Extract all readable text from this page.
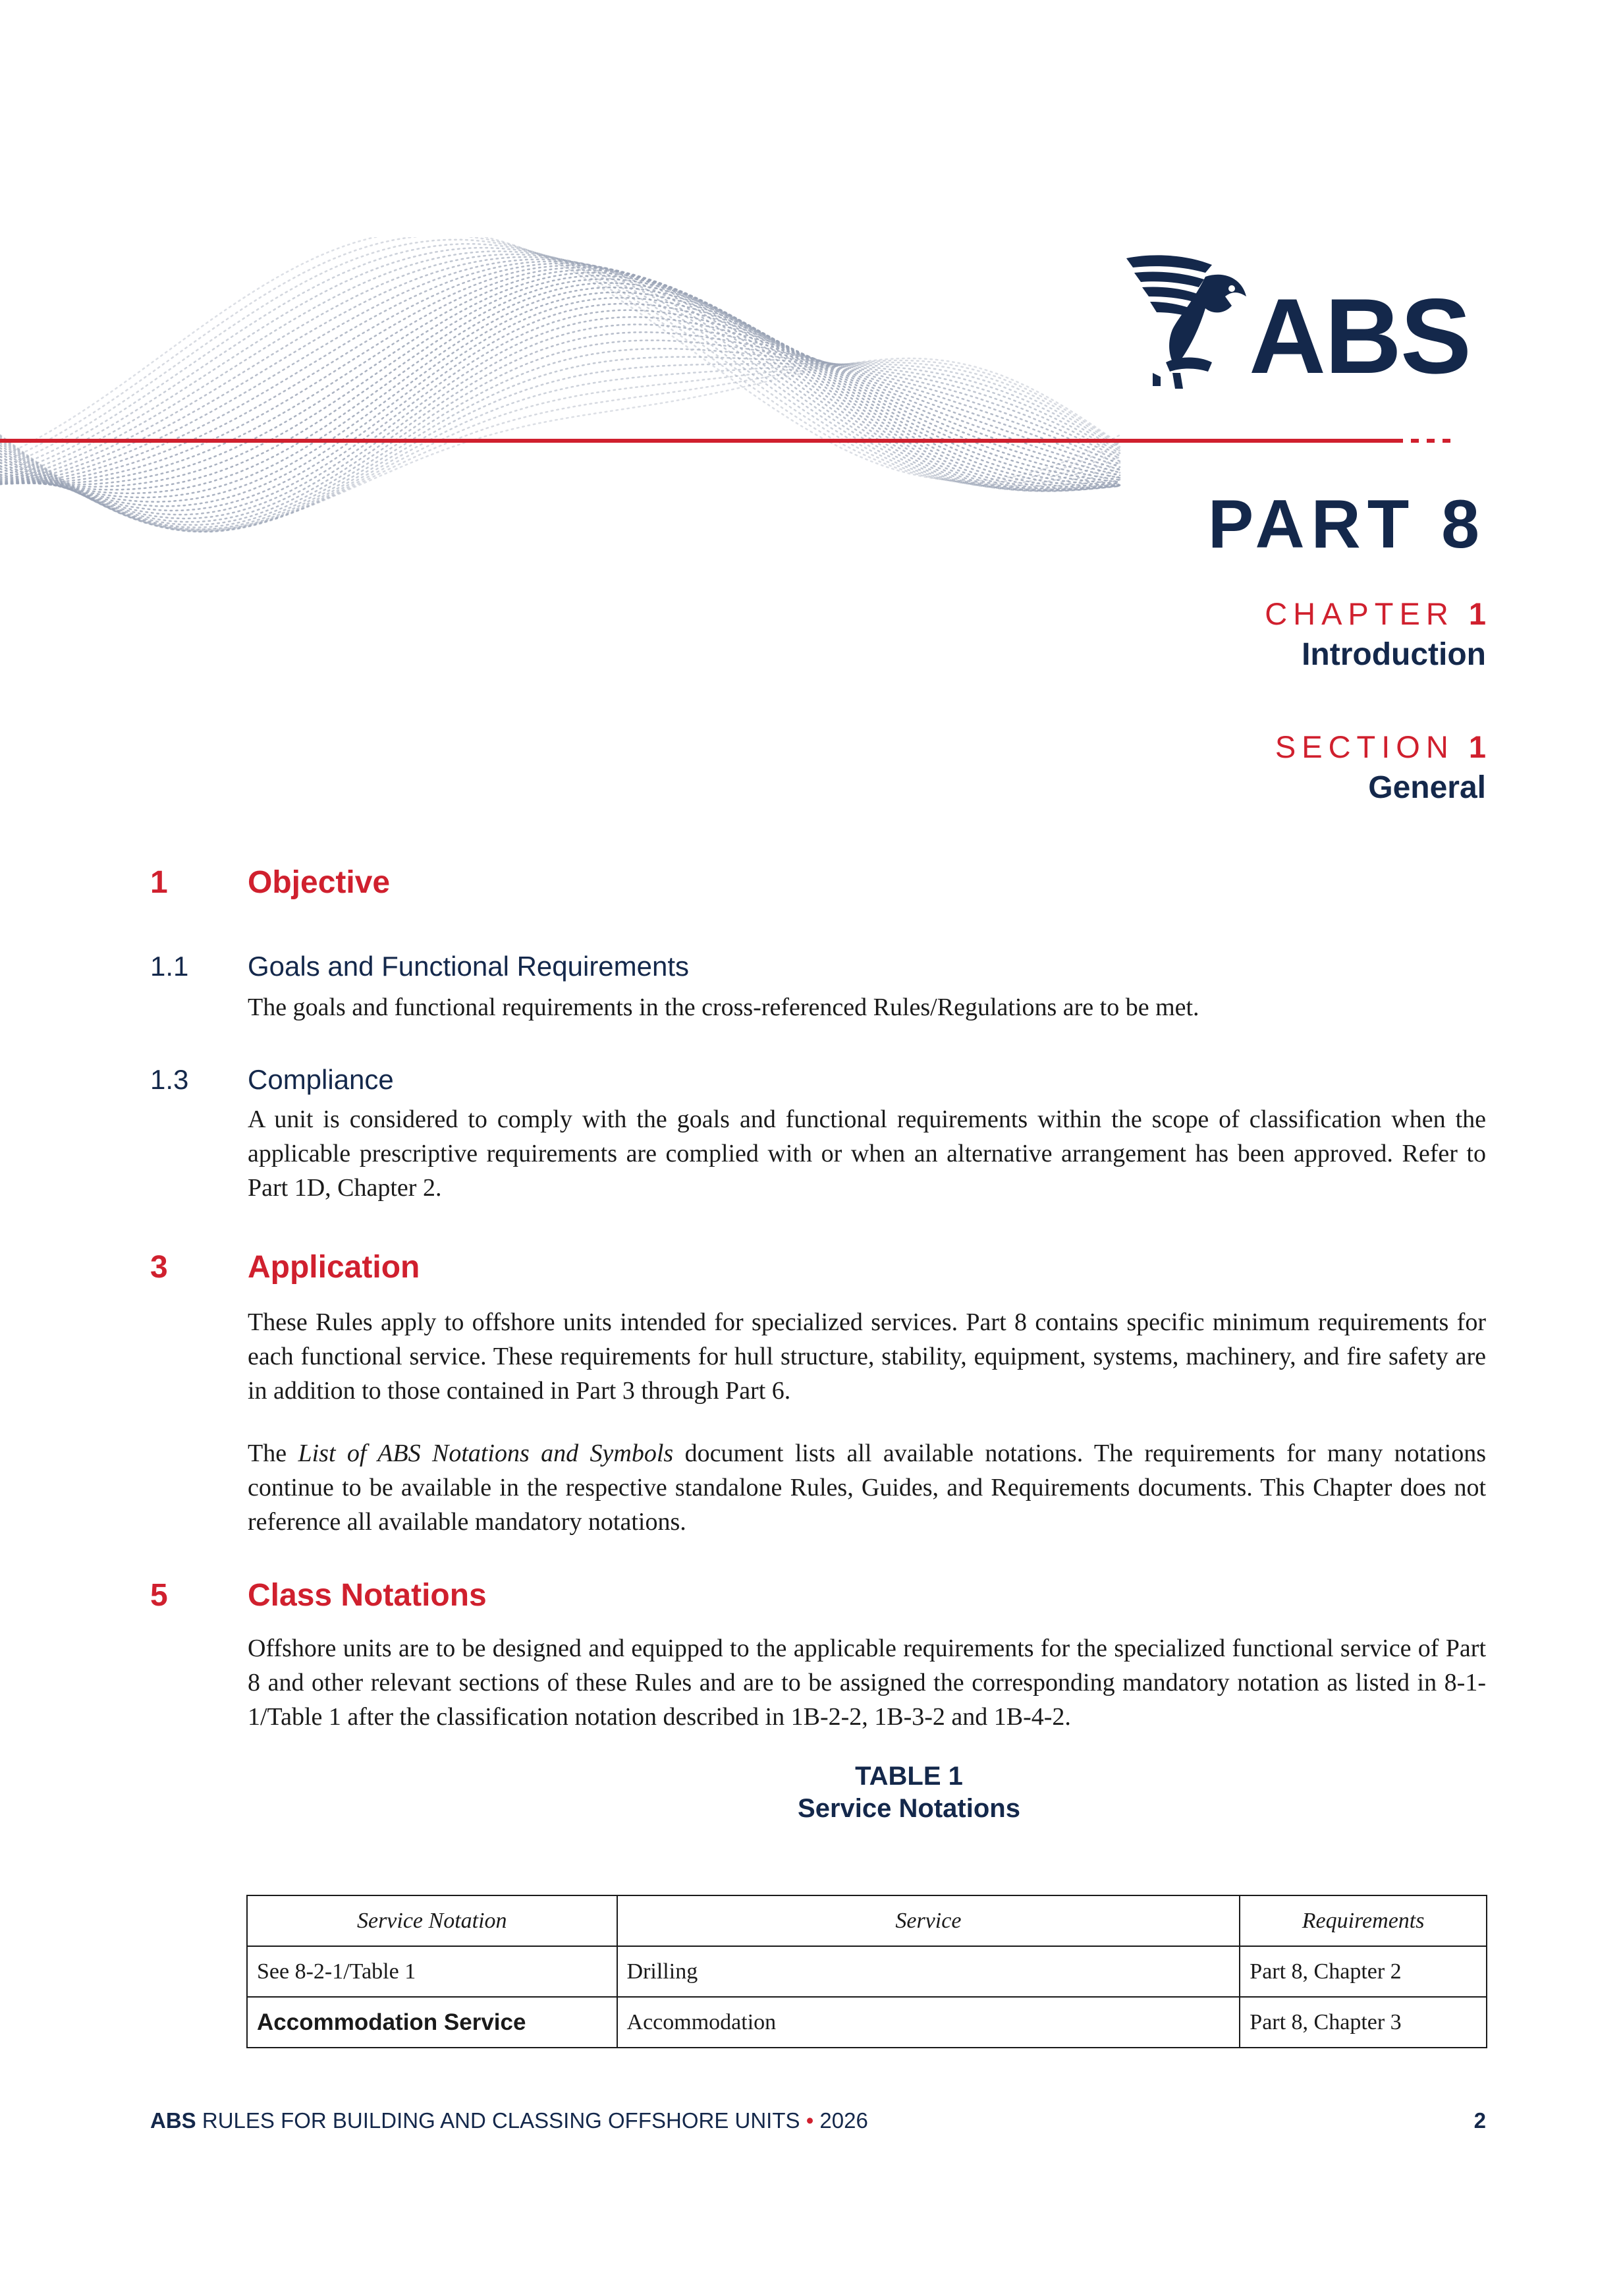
ABS
PART 8
CHAPTER 1
Introduction
SECTION 1
General
1	Objective
1.1 Goals and Functional Requirements
The goals and functional requirements in the cross-referenced Rules/Regulations are to be met.
1.3 Compliance
A unit is considered to comply with the goals and functional requirements within the scope of classification when the applicable prescriptive requirements are complied with or when an alternative arrangement has been approved. Refer to Part 1D, Chapter 2.
3	Application
These Rules apply to offshore units intended for specialized services. Part 8 contains specific minimum requirements for each functional service. These requirements for hull structure, stability, equipment, systems, machinery, and fire safety are in addition to those contained in Part 3 through Part 6.
The List of ABS Notations and Symbols document lists all available notations. The requirements for many notations continue to be available in the respective standalone Rules, Guides, and Requirements documents. This Chapter does not reference all available mandatory notations.
5	Class Notations
Offshore units are to be designed and equipped to the applicable requirements for the specialized functional service of Part 8 and other relevant sections of these Rules and are to be assigned the corresponding mandatory notation as listed in 8-1-1/Table 1 after the classification notation described in 1B-2-2, 1B-3-2 and 1B-4-2.
TABLE 1
Service Notations
Service Notation	Service	Requirements
See 8-2-1/Table 1	Drilling	Part 8, Chapter 2
Accommodation Service	Accommodation	Part 8, Chapter 3
ABS RULES FOR BUILDING AND CLASSING OFFSHORE UNITS • 2026	2
